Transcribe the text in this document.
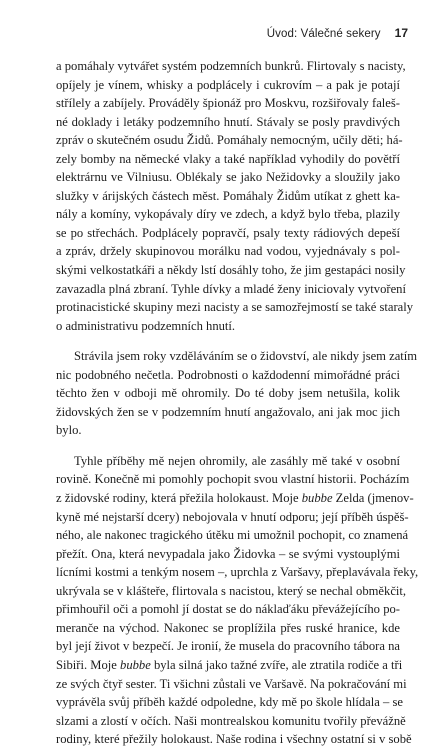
Úvod: Válečné sekery 17
a pomáhaly vytvářet systém podzemních bunkrů. Flirtovaly s nacisty,
opíjely je vínem, whisky a podplácely i cukrovím – a pak je potají
střílely a zabíjely. Prováděly špionáž pro Moskvu, rozšiřovaly faleš-
né doklady i letáky podzemního hnutí. Stávaly se posly pravdivých
zpráv o skutečném osudu Židů. Pomáhaly nemocným, učily děti; há-
zely bomby na německé vlaky a také například vyhodily do povětří
elektrárnu ve Vilniusu. Oblékaly se jako Nežidovky a sloužily jako
služky v árijských částech měst. Pomáhaly Židům utíkat z ghett ka-
nály a komíny, vykopávaly díry ve zdech, a když bylo třeba, plazily
se po střechách. Podplácely popravčí, psaly texty rádiových depeší
a zpráv, držely skupinovou morálku nad vodou, vyjednávaly s pol-
skými velkostatkáři a někdy lstí dosáhly toho, že jim gestapáci nosily
zavazadla plná zbraní. Tyhle dívky a mladé ženy iniciovaly vytvoření
protinacistické skupiny mezi nacisty a se samozřejmostí se také staraly
o administrativu podzemních hnutí.
Strávila jsem roky vzděláváním se o židovství, ale nikdy jsem zatím
nic podobného nečetla. Podrobnosti o každodenní mimořádné práci
těchto žen v odboji mě ohromily. Do té doby jsem netušila, kolik
židovských žen se v podzemním hnutí angažovalo, ani jak moc jich
bylo.
Tyhle příběhy mě nejen ohromily, ale zasáhly mě také v osobní
rovině. Konečně mi pomohly pochopit svou vlastní historii. Pocházím
z židovské rodiny, která přežila holokaust. Moje bubbe Zelda (jmenov-
kyně mé nejstarší dcery) nebojovala v hnutí odporu; její příběh úspěš-
ného, ale nakonec tragického útěku mi umožnil pochopit, co znamená
přežít. Ona, která nevypadala jako Židovka – se svými vystouplými
lícními kostmi a tenkým nosem –, uprchla z Varšavy, přeplavávala řeky,
ukrývala se v klášteře, flirtovala s nacistou, který se nechal obměkčit,
přimhouřil oči a pomohl jí dostat se do náklaďáku převážejícího po-
meranče na východ. Nakonec se proplížila přes ruské hranice, kde
byl její život v bezpečí. Je ironií, že musela do pracovního tábora na
Sibiři. Moje bubbe byla silná jako tažné zvíře, ale ztratila rodiče a tři
ze svých čtyř sester. Ti všichni zůstali ve Varšavě. Na pokračování mi
vyprávěla svůj příběh každé odpoledne, kdy mě po škole hlídala – se
slzami a zlostí v očích. Naši montrealskou komunitu tvořily převážně
rodiny, které přežily holokaust. Naše rodina i všechny ostatní si v sobě
